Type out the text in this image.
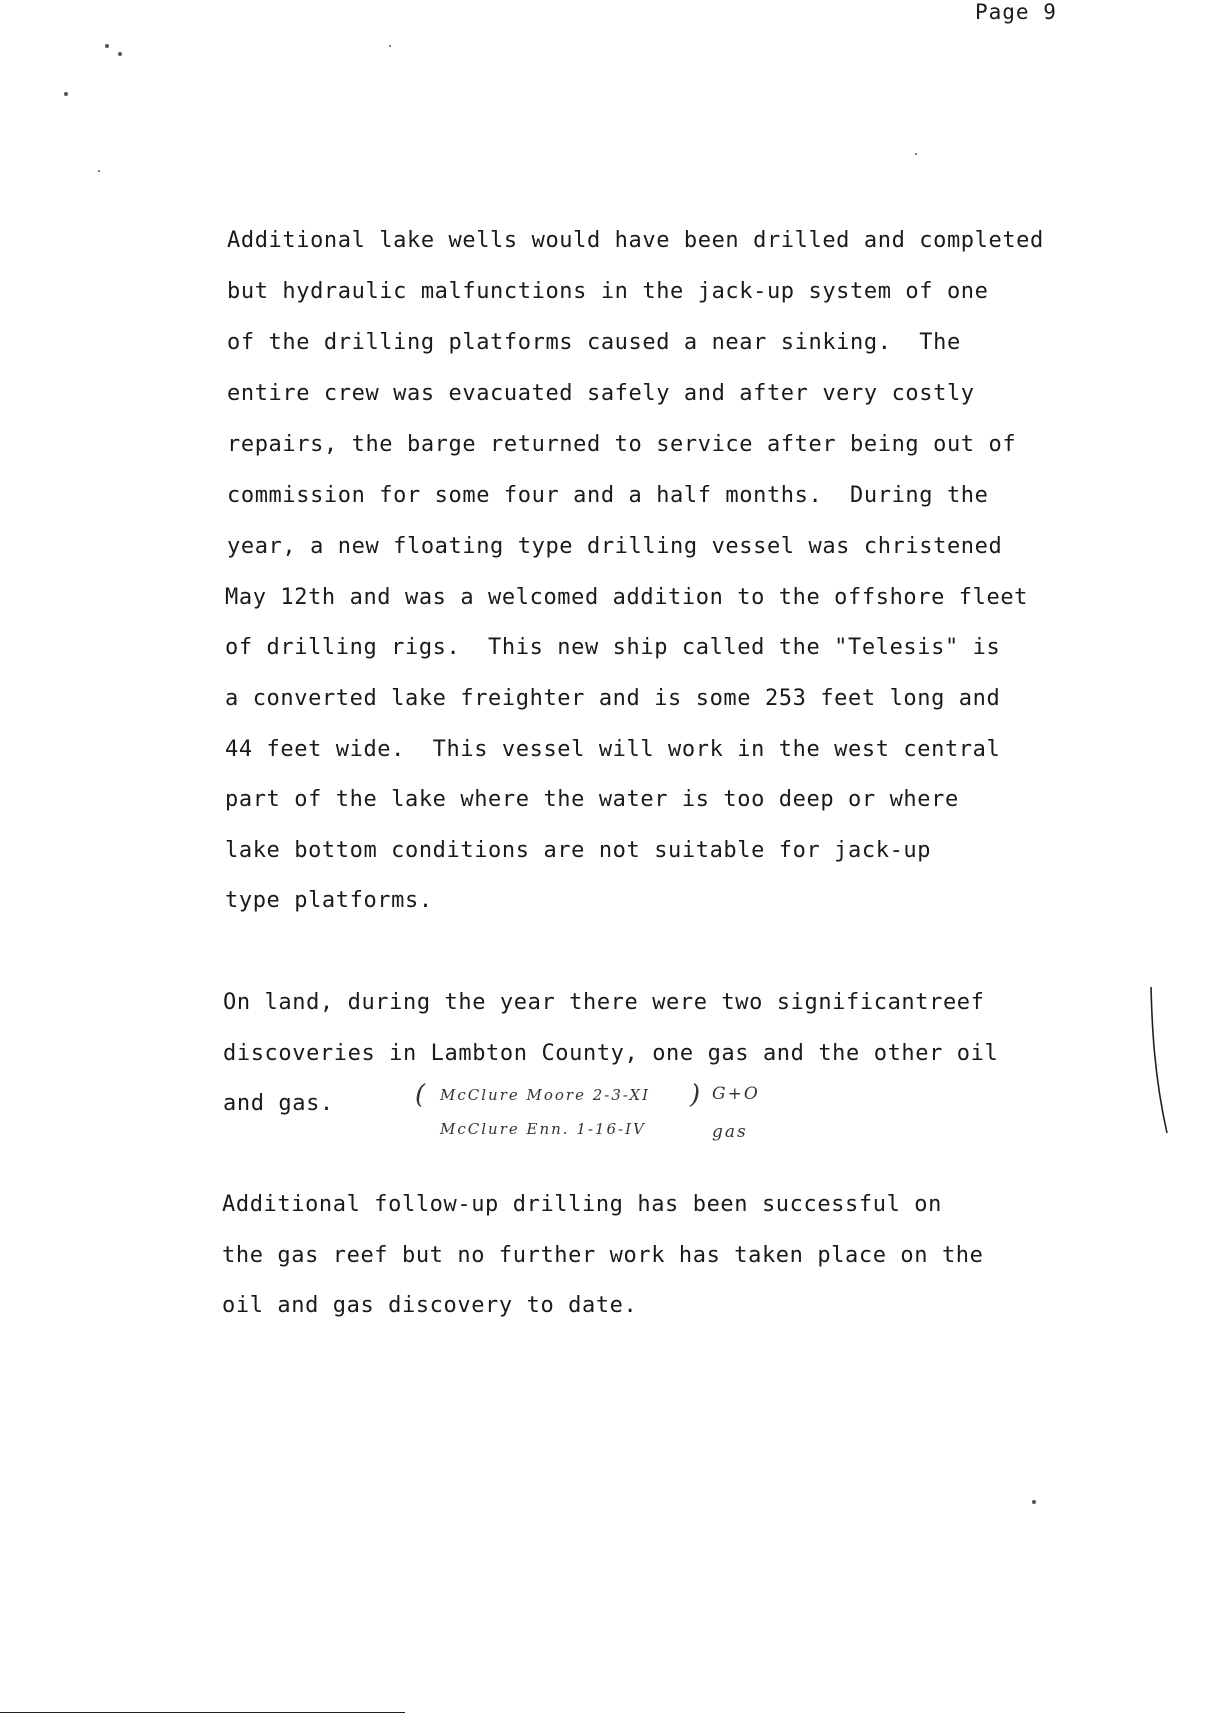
Page 9
Additional lake wells would have been drilled and completed
but hydraulic malfunctions in the jack-up system of one
of the drilling platforms caused a near sinking.  The
entire crew was evacuated safely and after very costly
repairs, the barge returned to service after being out of
commission for some four and a half months.  During the
year, a new floating type drilling vessel was christened
May 12th and was a welcomed addition to the offshore fleet
of drilling rigs.  This new ship called the "Telesis" is
a converted lake freighter and is some 253 feet long and
44 feet wide.  This vessel will work in the west central
part of the lake where the water is too deep or where
lake bottom conditions are not suitable for jack-up
type platforms.
On land, during the year there were two significantreef
discoveries in Lambton County, one gas and the other oil
and gas.	( McClure Moore 2-3-XI ) G+O
McClure Enn. 1-16-IV	gas
Additional follow-up drilling has been successful on
the gas reef but no further work has taken place on the
oil and gas discovery to date.
